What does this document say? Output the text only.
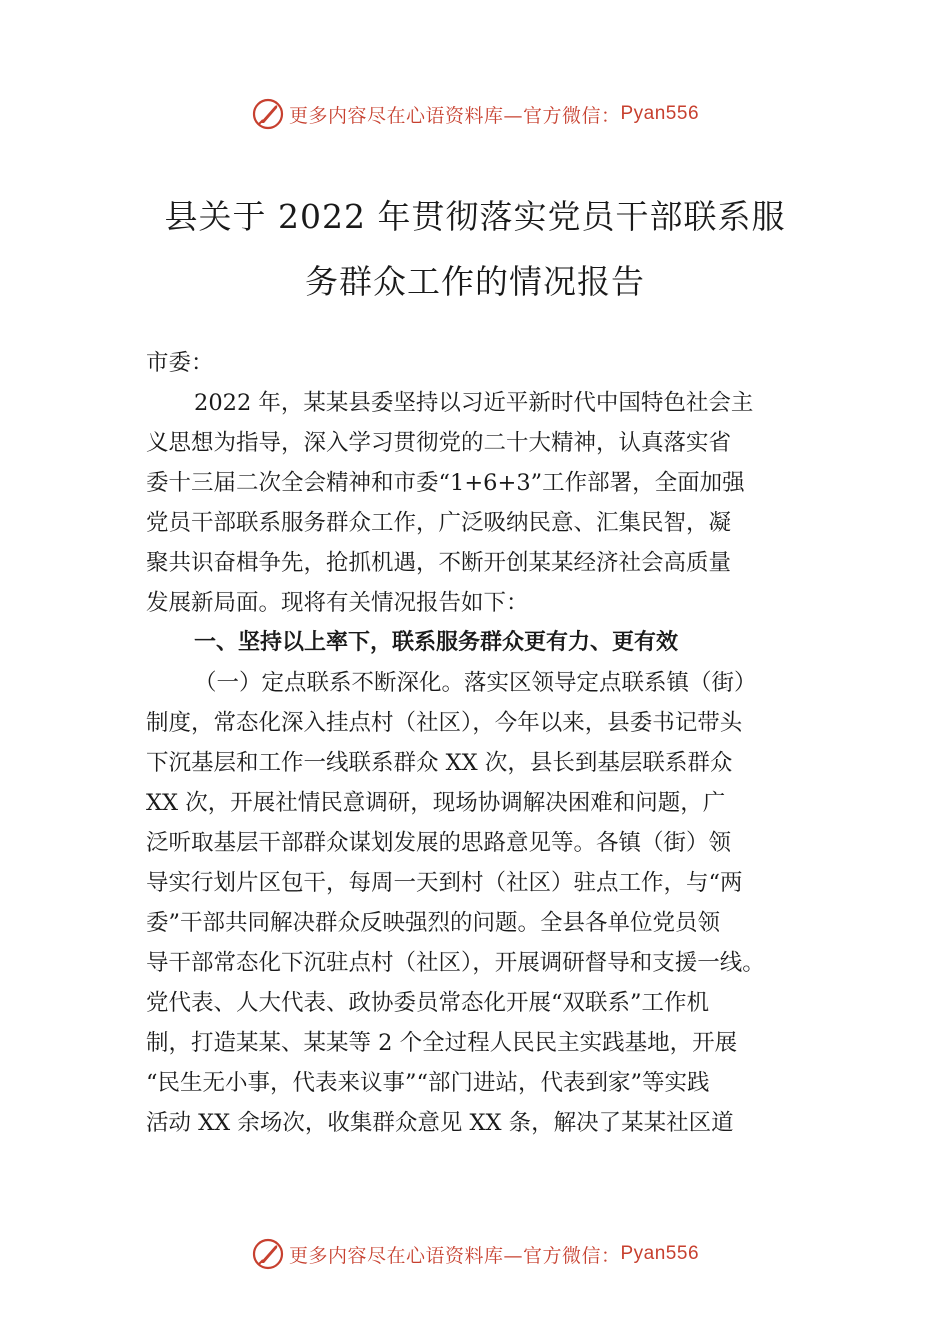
更多内容尽在心语资料库—官方微信： Pyan556
县关于 2022 年贯彻落实党员干部联系服
务群众工作的情况报告
市委：
2022 年，某某县委坚持以习近平新时代中国特色社会主
义思想为指导，深入学习贯彻党的二十大精神，认真落实省
委十三届二次全会精神和市委“1+6+3”工作部署，全面加强
党员干部联系服务群众工作，广泛吸纳民意、汇集民智，凝
聚共识奋楫争先，抢抓机遇，不断开创某某经济社会高质量
发展新局面。现将有关情况报告如下：
一、坚持以上率下，联系服务群众更有力、更有效
（一）定点联系不断深化。落实区领导定点联系镇（街）
制度，常态化深入挂点村（社区），今年以来，县委书记带头
下沉基层和工作一线联系群众 XX 次，县长到基层联系群众
XX 次，开展社情民意调研，现场协调解决困难和问题，广
泛听取基层干部群众谋划发展的思路意见等。各镇（街）领
导实行划片区包干，每周一天到村（社区）驻点工作，与“两
委”干部共同解决群众反映强烈的问题。全县各单位党员领
导干部常态化下沉驻点村（社区），开展调研督导和支援一线。
党代表、人大代表、政协委员常态化开展“双联系”工作机
制，打造某某、某某等 2 个全过程人民民主实践基地，开展
“民生无小事，代表来议事”“部门进站，代表到家”等实践
活动 XX 余场次，收集群众意见 XX 条，解决了某某社区道
更多内容尽在心语资料库—官方微信： Pyan556
